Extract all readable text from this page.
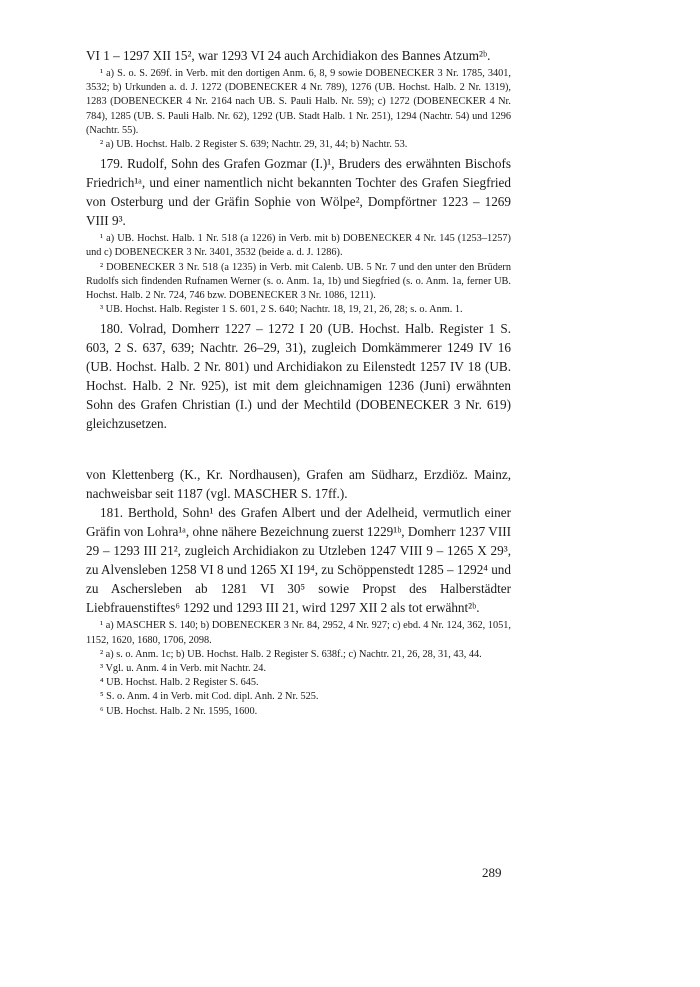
VI 1 – 1297 XII 15², war 1293 VI 24 auch Archidiakon des Bannes Atzum²ᵇ.

¹ a) S. o. S. 269f. in Verb. mit den dortigen Anm. 6, 8, 9 sowie DOBENECKER 3 Nr. 1785, 3401, 3532; b) Urkunden a. d. J. 1272 (DOBENECKER 4 Nr. 789), 1276 (UB. Hochst. Halb. 2 Nr. 1319), 1283 (DOBENECKER 4 Nr. 2164 nach UB. S. Pauli Halb. Nr. 59); c) 1272 (DOBENECKER 4 Nr. 784), 1285 (UB. S. Pauli Halb. Nr. 62), 1292 (UB. Stadt Halb. 1 Nr. 251), 1294 (Nachtr. 54) und 1296 (Nachtr. 55).

² a) UB. Hochst. Halb. 2 Register S. 639; Nachtr. 29, 31, 44; b) Nachtr. 53.

179. Rudolf, Sohn des Grafen Gozmar (I.)¹, Bruders des erwähnten Bischofs Friedrich¹ᵃ, und einer namentlich nicht bekannten Tochter des Grafen Siegfried von Osterburg und der Gräfin Sophie von Wölpe², Dompförtner 1223 – 1269 VIII 9³.

¹ a) UB. Hochst. Halb. 1 Nr. 518 (a 1226) in Verb. mit b) DOBENECKER 4 Nr. 145 (1253–1257) und c) DOBENECKER 3 Nr. 3401, 3532 (beide a. d. J. 1286).

² DOBENECKER 3 Nr. 518 (a 1235) in Verb. mit Calenb. UB. 5 Nr. 7 und den unter den Brüdern Rudolfs sich findenden Rufnamen Werner (s. o. Anm. 1a, 1b) und Siegfried (s. o. Anm. 1a, ferner UB. Hochst. Halb. 2 Nr. 724, 746 bzw. DOBENECKER 3 Nr. 1086, 1211).

³ UB. Hochst. Halb. Register 1 S. 601, 2 S. 640; Nachtr. 18, 19, 21, 26, 28; s. o. Anm. 1.

180. Volrad, Domherr 1227 – 1272 I 20 (UB. Hochst. Halb. Register 1 S. 603, 2 S. 637, 639; Nachtr. 26–29, 31), zugleich Domkämmerer 1249 IV 16 (UB. Hochst. Halb. 2 Nr. 801) und Archidiakon zu Eilenstedt 1257 IV 18 (UB. Hochst. Halb. 2 Nr. 925), ist mit dem gleichnamigen 1236 (Juni) erwähnten Sohn des Grafen Christian (I.) und der Mechtild (DOBENECKER 3 Nr. 619) gleichzusetzen.

von Klettenberg (K., Kr. Nordhausen), Grafen am Südharz, Erzdiöz. Mainz, nachweisbar seit 1187 (vgl. MASCHER S. 17ff.).

181. Berthold, Sohn¹ des Grafen Albert und der Adelheid, vermutlich einer Gräfin von Lohra¹ᵃ, ohne nähere Bezeichnung zuerst 1229¹ᵇ, Domherr 1237 VIII 29 – 1293 III 21², zugleich Archidiakon zu Utzleben 1247 VIII 9 – 1265 X 29³, zu Alvensleben 1258 VI 8 und 1265 XI 19⁴, zu Schöppenstedt 1285 – 1292⁴ und zu Aschersleben ab 1281 VI 30⁵ sowie Propst des Halberstädter Liebfrauenstiftes⁶ 1292 und 1293 III 21, wird 1297 XII 2 als tot erwähnt²ᵇ.

¹ a) MASCHER S. 140; b) DOBENECKER 3 Nr. 84, 2952, 4 Nr. 927; c) ebd. 4 Nr. 124, 362, 1051, 1152, 1620, 1680, 1706, 2098.

² a) s. o. Anm. 1c; b) UB. Hochst. Halb. 2 Register S. 638f.; c) Nachtr. 21, 26, 28, 31, 43, 44.

³ Vgl. u. Anm. 4 in Verb. mit Nachtr. 24.

⁴ UB. Hochst. Halb. 2 Register S. 645.

⁵ S. o. Anm. 4 in Verb. mit Cod. dipl. Anh. 2 Nr. 525.

⁶ UB. Hochst. Halb. 2 Nr. 1595, 1600.

289
